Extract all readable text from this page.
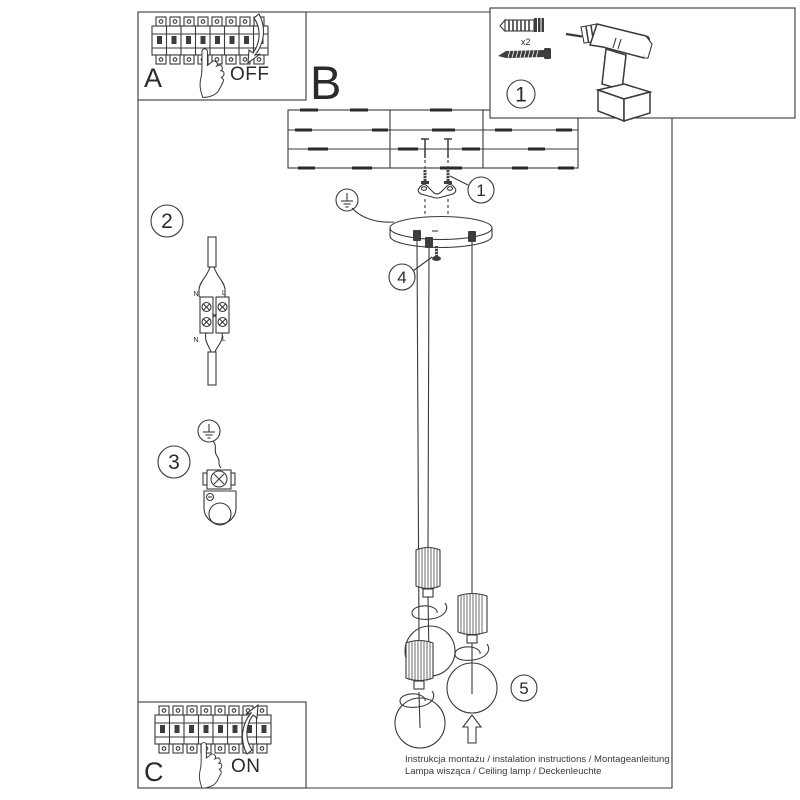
1
4
5
2
N	L
N	L
3
x2
1
OFF
A	B
ON
C	Instrukcja montażu / instalation instructions / Montageanleitung
Lampa wisząca / Ceiling lamp / Deckenleuchte
